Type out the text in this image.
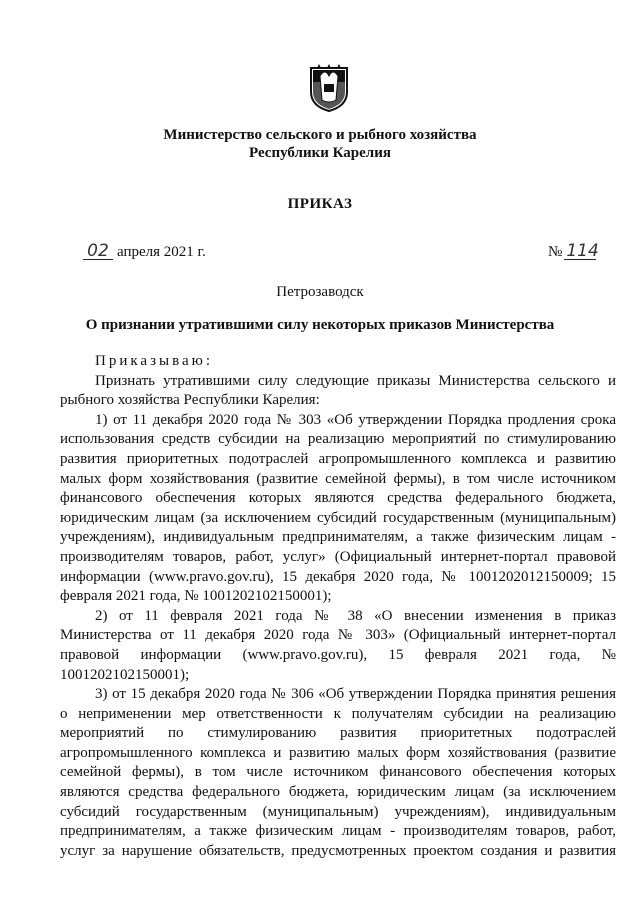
Министерство сельского и рыбного хозяйства
Республики Карелия
ПРИКАЗ
02 апреля 2021 г.	№ 114
Петрозаводск
О признании утратившими силу некоторых приказов Министерства
Приказываю:
Признать утратившими силу следующие приказы Министерства сельского и
рыбного хозяйства Республики Карелия:
1) от 11 декабря 2020 года № 303 «Об утверждении Порядка продления срока
использования средств субсидии на реализацию мероприятий по стимулированию
развития приоритетных подотраслей агропромышленного комплекса и развитию
малых форм хозяйствования (развитие семейной фермы), в том числе источником
финансового обеспечения которых являются средства федерального бюджета,
юридическим лицам (за исключением субсидий государственным (муниципальным)
учреждениям), индивидуальным предпринимателям, а также физическим лицам -
производителям товаров, работ, услуг» (Официальный интернет-портал правовой
информации (www.pravo.gov.ru), 15 декабря 2020 года, № 1001202012150009; 15
февраля 2021 года, № 1001202102150001);
2) от 11 февраля 2021 года № 38 «О внесении изменения в приказ
Министерства от 11 декабря 2020 года № 303» (Официальный интернет-портал
правовой информации (www.pravo.gov.ru), 15 февраля 2021 года, №
1001202102150001);
3) от 15 декабря 2020 года № 306 «Об утверждении Порядка принятия решения
о неприменении мер ответственности к получателям субсидии на реализацию
мероприятий по стимулированию развития приоритетных подотраслей
агропромышленного комплекса и развитию малых форм хозяйствования (развитие
семейной фермы), в том числе источником финансового обеспечения которых
являются средства федерального бюджета, юридическим лицам (за исключением
субсидий государственным (муниципальным) учреждениям), индивидуальным
предпринимателям, а также физическим лицам - производителям товаров, работ,
услуг за нарушение обязательств, предусмотренных проектом создания и развития
